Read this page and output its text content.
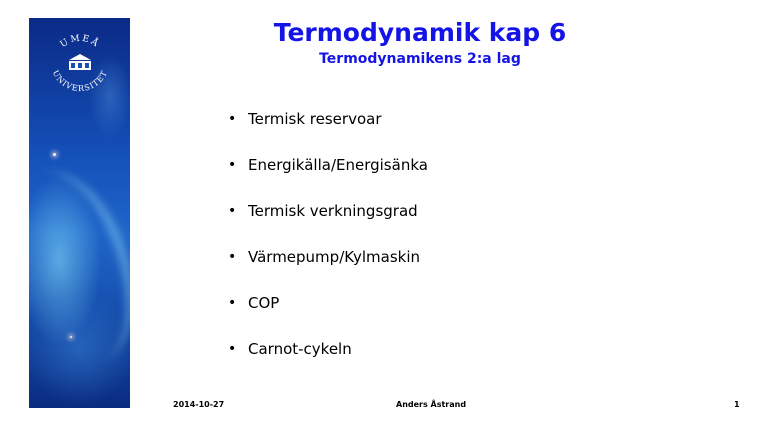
UMEÅ
UNIVERSITET
Termodynamik kap 6
Termodynamikens 2:a lag
• Termisk reservoar
• Energikälla/Energisänka
• Termisk verkningsgrad
• Värmepump/Kylmaskin
• COP
• Carnot-cykeln
2014-10-27	Anders Åstrand	1
